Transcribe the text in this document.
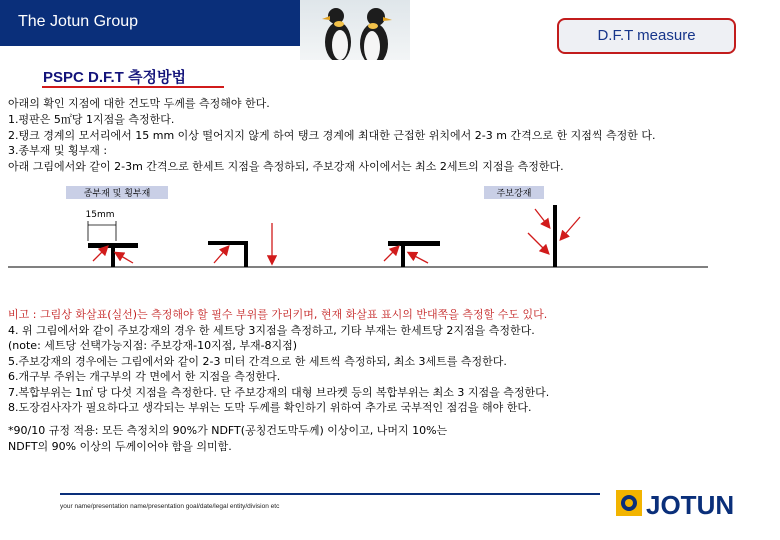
The Jotun Group
D.F.T measure
PSPC D.F.T 측정방법
아래의 확인 지점에 대한 건도막 두께를 측정해야 한다.
1.평판은 5㎡당 1지점을 측정한다.
2.탱크 경계의 모서리에서 15 mm 이상 떨어지지 않게 하여 탱크 경계에 최대한 근접한 위치에서 2-3 m 간격으로 한 지점씩 측정한 다.
3.종부재 및 횡부재 :
아래 그림에서와 같이 2-3m 간격으로 한세트 지점을 측정하되, 주보강재 사이에서는 최소 2세트의 지점을 측정한다.
종부재 및 횡부재	주보강재
15mm
비고 : 그림상 화살표(실선)는 측정해야 할 필수 부위를 가리키며, 현재 화살표 표시의 반대쪽을 측정할 수도 있다.
4. 위 그림에서와 같이 주보강재의 경우 한 세트당 3지점을 측정하고, 기타 부재는 한세트당 2지점을 측정한다.
(note: 세트당 선택가능지점: 주보강재-10지점, 부재-8지점)
5.주보강재의 경우에는 그림에서와 같이 2-3 미터 간격으로 한 세트씩 측정하되, 최소 3세트를 측정한다.
6.개구부 주위는 개구부의 각 면에서 한 지점을 측정한다.
7.복합부위는 1㎡ 당 다섯 지점을 측정한다. 단 주보강재의 대형 브라켓 등의 복합부위는 최소 3 지점을 측정한다.
8.도장검사자가 필요하다고 생각되는 부위는 도막 두께를 확인하기 위하여 추가로 국부적인 점검을 해야 한다.
*90/10 규정 적용: 모든 측정치의 90%가 NDFT(공칭건도막두께) 이상이고, 나머지 10%는
NDFT의 90% 이상의 두께이어야 함을 의미함.
your name/presentation name/presentation goal/date/legal entity/division etc	JOTUN
